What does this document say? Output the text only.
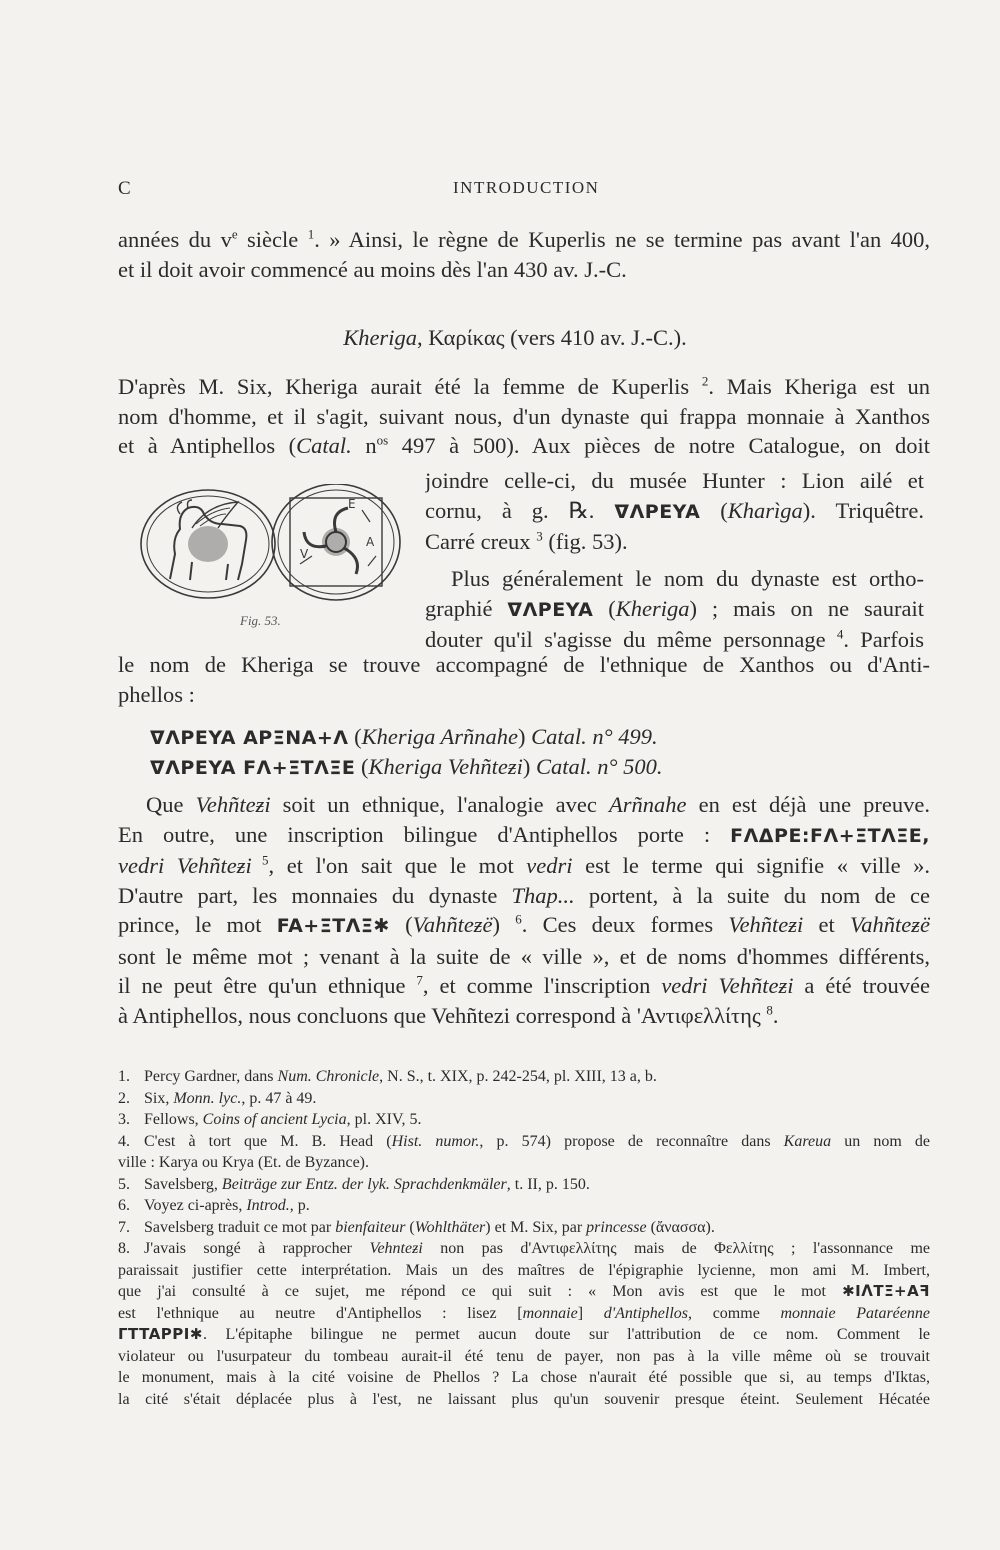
C	INTRODUCTION
années du $v^e$ siècle $^1$. » Ainsi, le règne de Kuperlis ne se termine pas avant l'an 400,
et il doit avoir commencé au moins dès l'an 430 av. J.-C.
Kheriga, Καρίκας (vers 410 av. J.-C.).
D'après M. Six, Kheriga aurait été la femme de Kuperlis $^2$. Mais Kheriga est un
nom d'homme, et il s'agit, suivant nous, d'un dynaste qui frappa monnaie à Xanthos
et à Antiphellos (Catal. $n^{os}$ 497 à 500). Aux pièces de notre Catalogue, on doit
E
V
A
Fig. 53.
joindre celle-ci, du musée Hunter : Lion ailé et
cornu, à g. ℞. ᐁᐱPEYA (Kharìga). Triquêtre.
Carré creux $^3$ (fig. 53).
Plus généralement le nom du dynaste est ortho-
graphié ᐁᐱPEYA (Kheriga) ; mais on ne saurait
douter qu'il s'agisse du même personnage $^4$. Parfois
le nom de Kheriga se trouve accompagné de l'ethnique de Xanthos ou d'Anti-
phellos :
ᐁᐱPEYA APΞNA+ᐱ (Kheriga Arñnahe) Catal. n° 499.
ᐁᐱPEYA Fᐱ+ΞTᐱΞE (Kheriga Vehñteƶi) Catal. n° 500.
Que Vehñteƶi soit un ethnique, l'analogie avec Arñnahe en est déjà une preuve.
En outre, une inscription bilingue d'Antiphellos porte : FᐱΔPE:Fᐱ+ΞTᐱΞE,
vedri Vehñteƶi $^5$, et l'on sait que le mot vedri est le terme qui signifie « ville ».
D'autre part, les monnaies du dynaste Thap... portent, à la suite du nom de ce
prince, le mot FA+ΞTᐱΞ✱ (Vahñteƶë) $^6$. Ces deux formes Vehñteƶi et Vahñteƶë
sont le même mot ; venant à la suite de « ville », et de noms d'hommes différents,
il ne peut être qu'un ethnique $^7$, et comme l'inscription vedri Vehñteƶi a été trouvée
à Antiphellos, nous concluons que Vehñtezi correspond à 'Αντιφελλίτης $^8$.
1. Percy Gardner, dans Num. Chronicle, N. S., t. XIX, p. 242-254, pl. XIII, 13 a, b.
2. Six, Monn. lyc., p. 47 à 49.
3. Fellows, Coins of ancient Lycia, pl. XIV, 5.
4. C'est à tort que M. B. Head (Hist. numor., p. 574) propose de reconnaître dans Kareua un nom de
ville : Karya ou Krya (Et. de Byzance).
5. Savelsberg, Beiträge zur Entz. der lyk. Sprachdenkmäler, t. II, p. 150.
6. Voyez ci-après, Introd., p.
7. Savelsberg traduit ce mot par bienfaiteur (Wohlthäter) et M. Six, par princesse (ἄνασσα).
8. J'avais songé à rapprocher Vehnteƶi non pas d'Αντιφελλίτης mais de Φελλίτης ; l'assonnance me
paraissait justifier cette interprétation. Mais un des maîtres de l'épigraphie lycienne, mon ami M. Imbert,
que j'ai consulté à ce sujet, me répond ce qui suit : « Mon avis est que le mot ✱IᐱTΞ+Aꟻ
est l'ethnique au neutre d'Antiphellos : lisez [monnaie] d'Antiphellos, comme monnaie Pataréenne
ΓTTAPPI✱. L'épitaphe bilingue ne permet aucun doute sur l'attribution de ce nom. Comment le
violateur ou l'usurpateur du tombeau aurait-il été tenu de payer, non pas à la ville même où se trouvait
le monument, mais à la cité voisine de Phellos ? La chose n'aurait été possible que si, au temps d'Iktas,
la cité s'était déplacée plus à l'est, ne laissant plus qu'un souvenir presque éteint. Seulement Hécatée
